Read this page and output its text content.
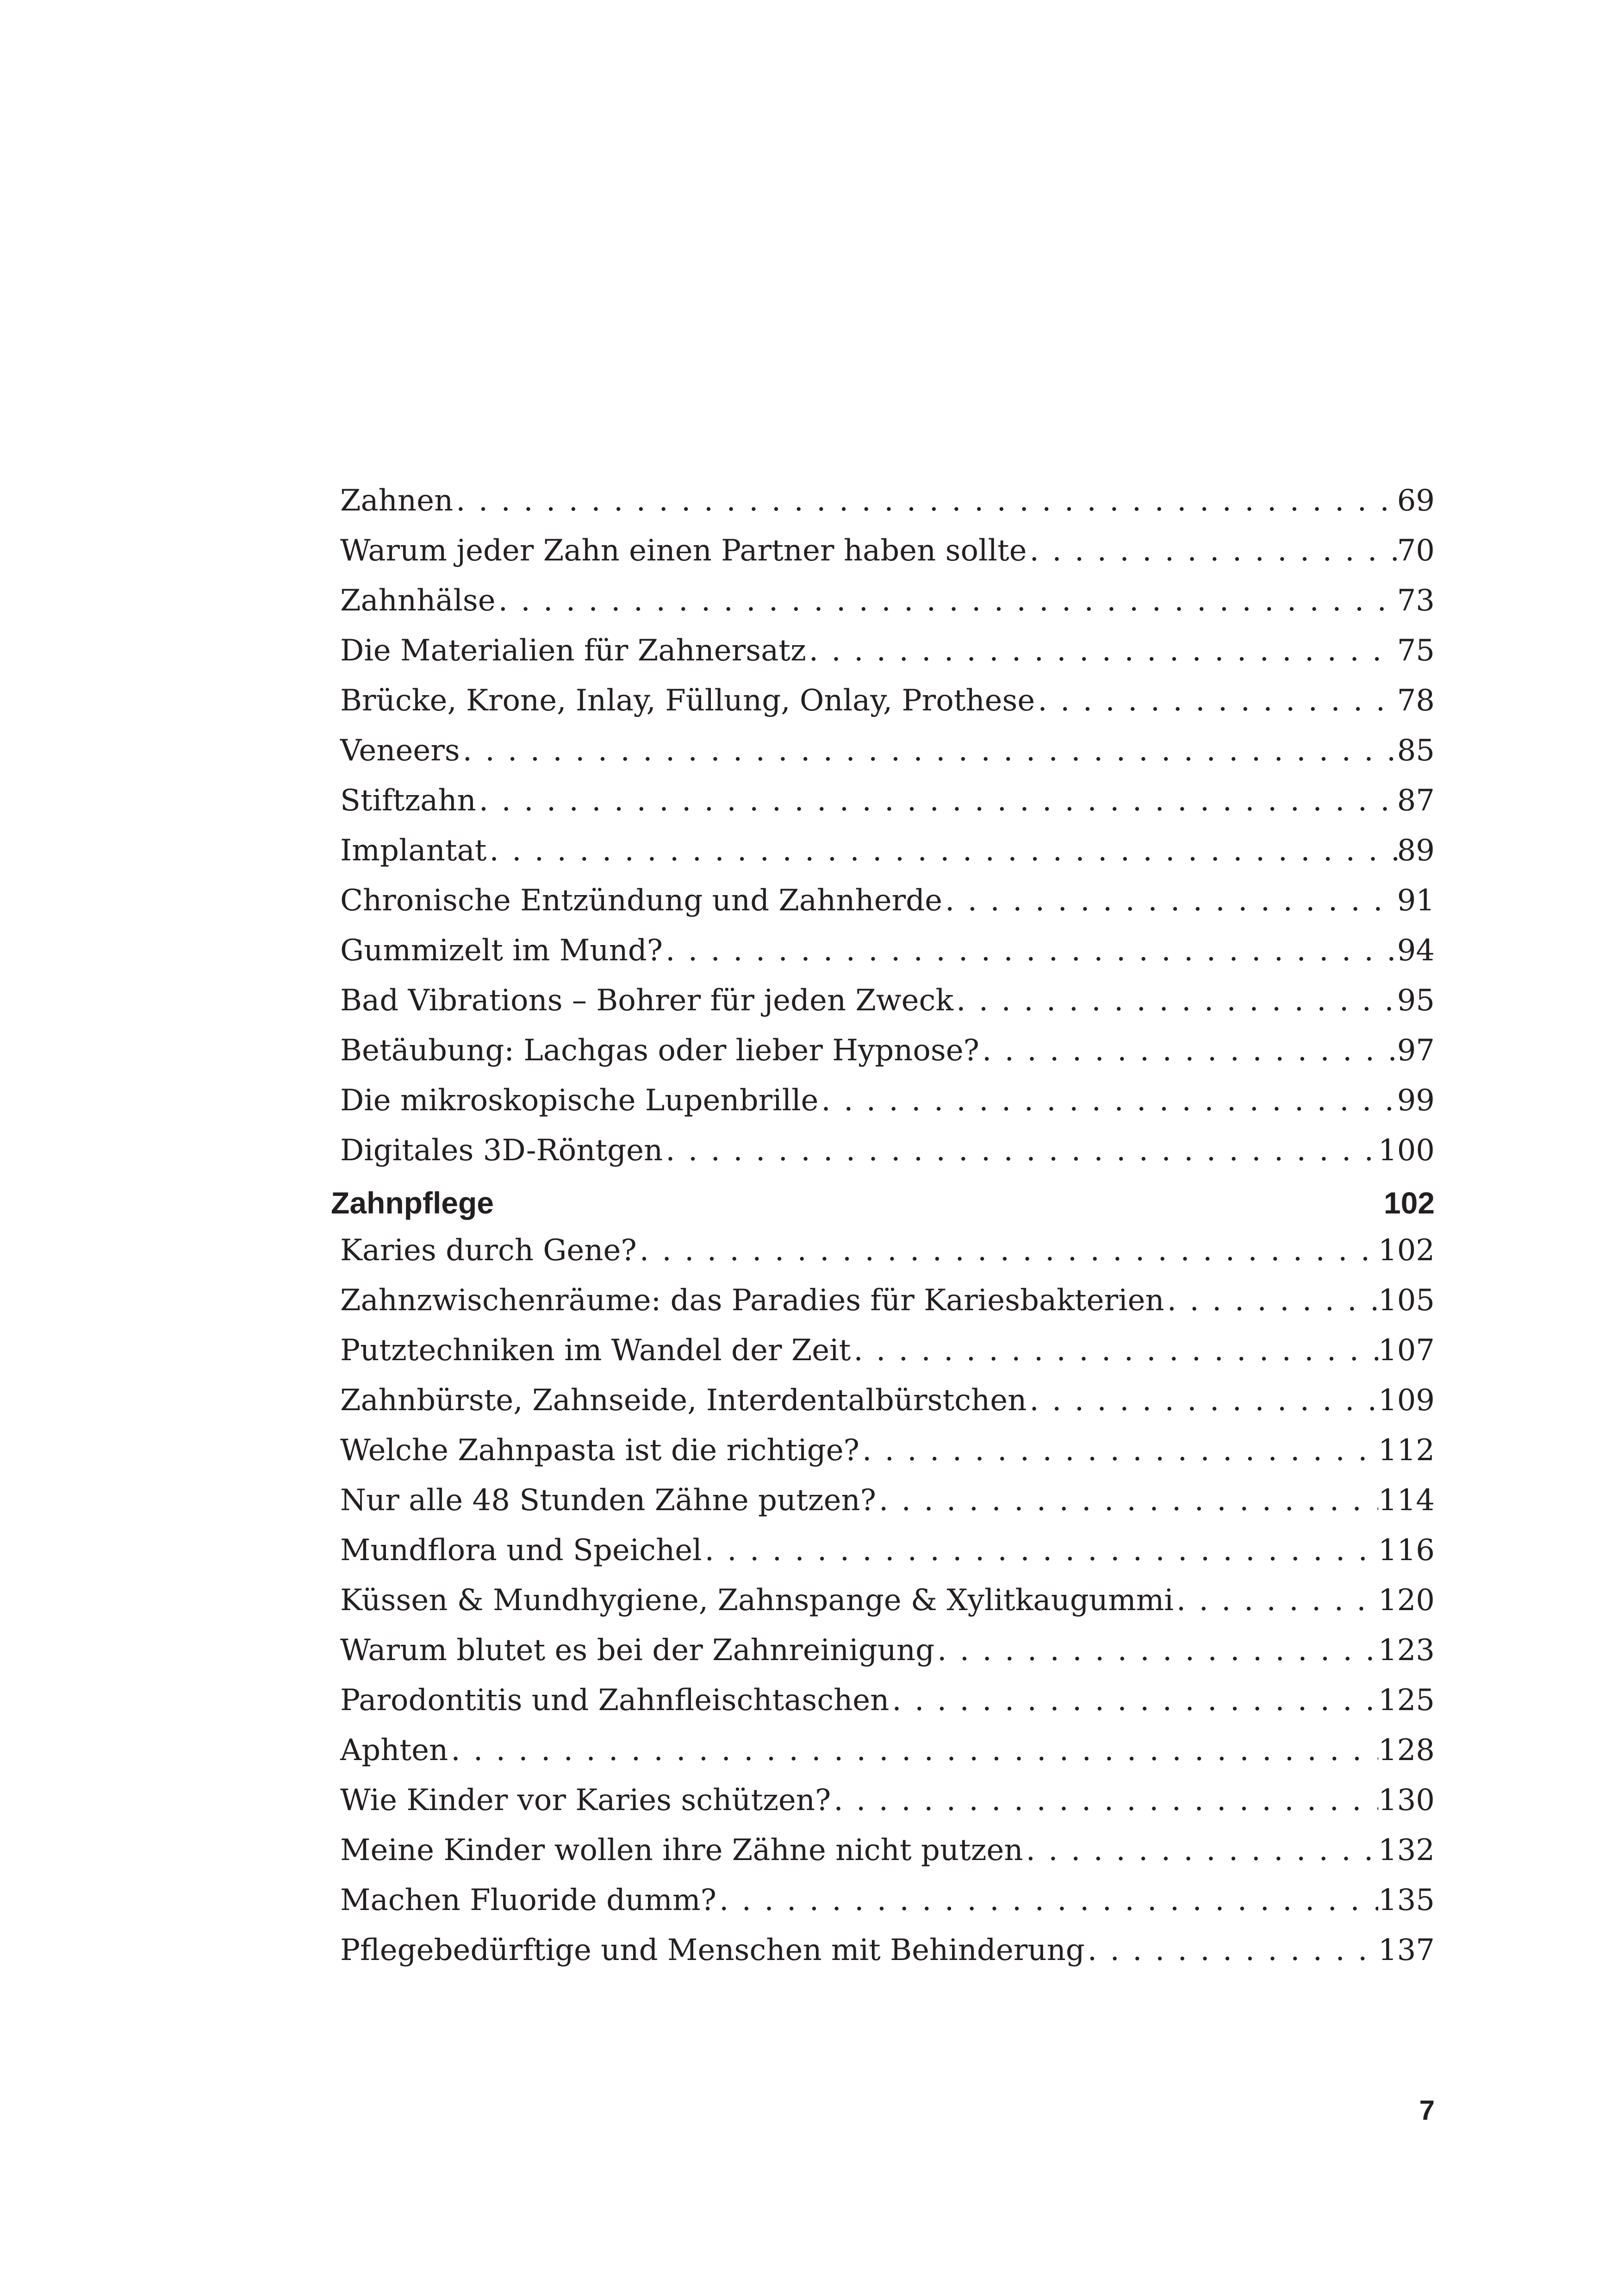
Zahnen . . .	69
Warum jeder Zahn einen Partner haben sollte . . .	70
Zahnhälse . . .	73
Die Materialien für Zahnersatz . . .	75
Brücke, Krone, Inlay, Füllung, Onlay, Prothese . . .	78
Veneers . . .	85
Stiftzahn . . .	87
Implantat . . .	89
Chronische Entzündung und Zahnherde . . .	91
Gummizelt im Mund? . . .	94
Bad Vibrations – Bohrer für jeden Zweck . . .	95
Betäubung: Lachgas oder lieber Hypnose? . . .	97
Die mikroskopische Lupenbrille . . .	99
Digitales 3D-Röntgen . . .	100
Zahnpflege	102
Karies durch Gene? . . .	102
Zahnzwischenräume: das Paradies für Kariesbakterien . . .	105
Putztechniken im Wandel der Zeit . . .	107
Zahnbürste, Zahnseide, Interdentalbürstchen . . .	109
Welche Zahnpasta ist die richtige? . . .	112
Nur alle 48 Stunden Zähne putzen? . . .	114
Mundflora und Speichel . . .	116
Küssen & Mundhygiene, Zahnspange & Xylitkaugummi . . .	120
Warum blutet es bei der Zahnreinigung . . .	123
Parodontitis und Zahnfleischtaschen . . .	125
Aphten . . .	128
Wie Kinder vor Karies schützen? . . .	130
Meine Kinder wollen ihre Zähne nicht putzen . . .	132
Machen Fluoride dumm? . . .	135
Pflegebedürftige und Menschen mit Behinderung . . .	137
7
